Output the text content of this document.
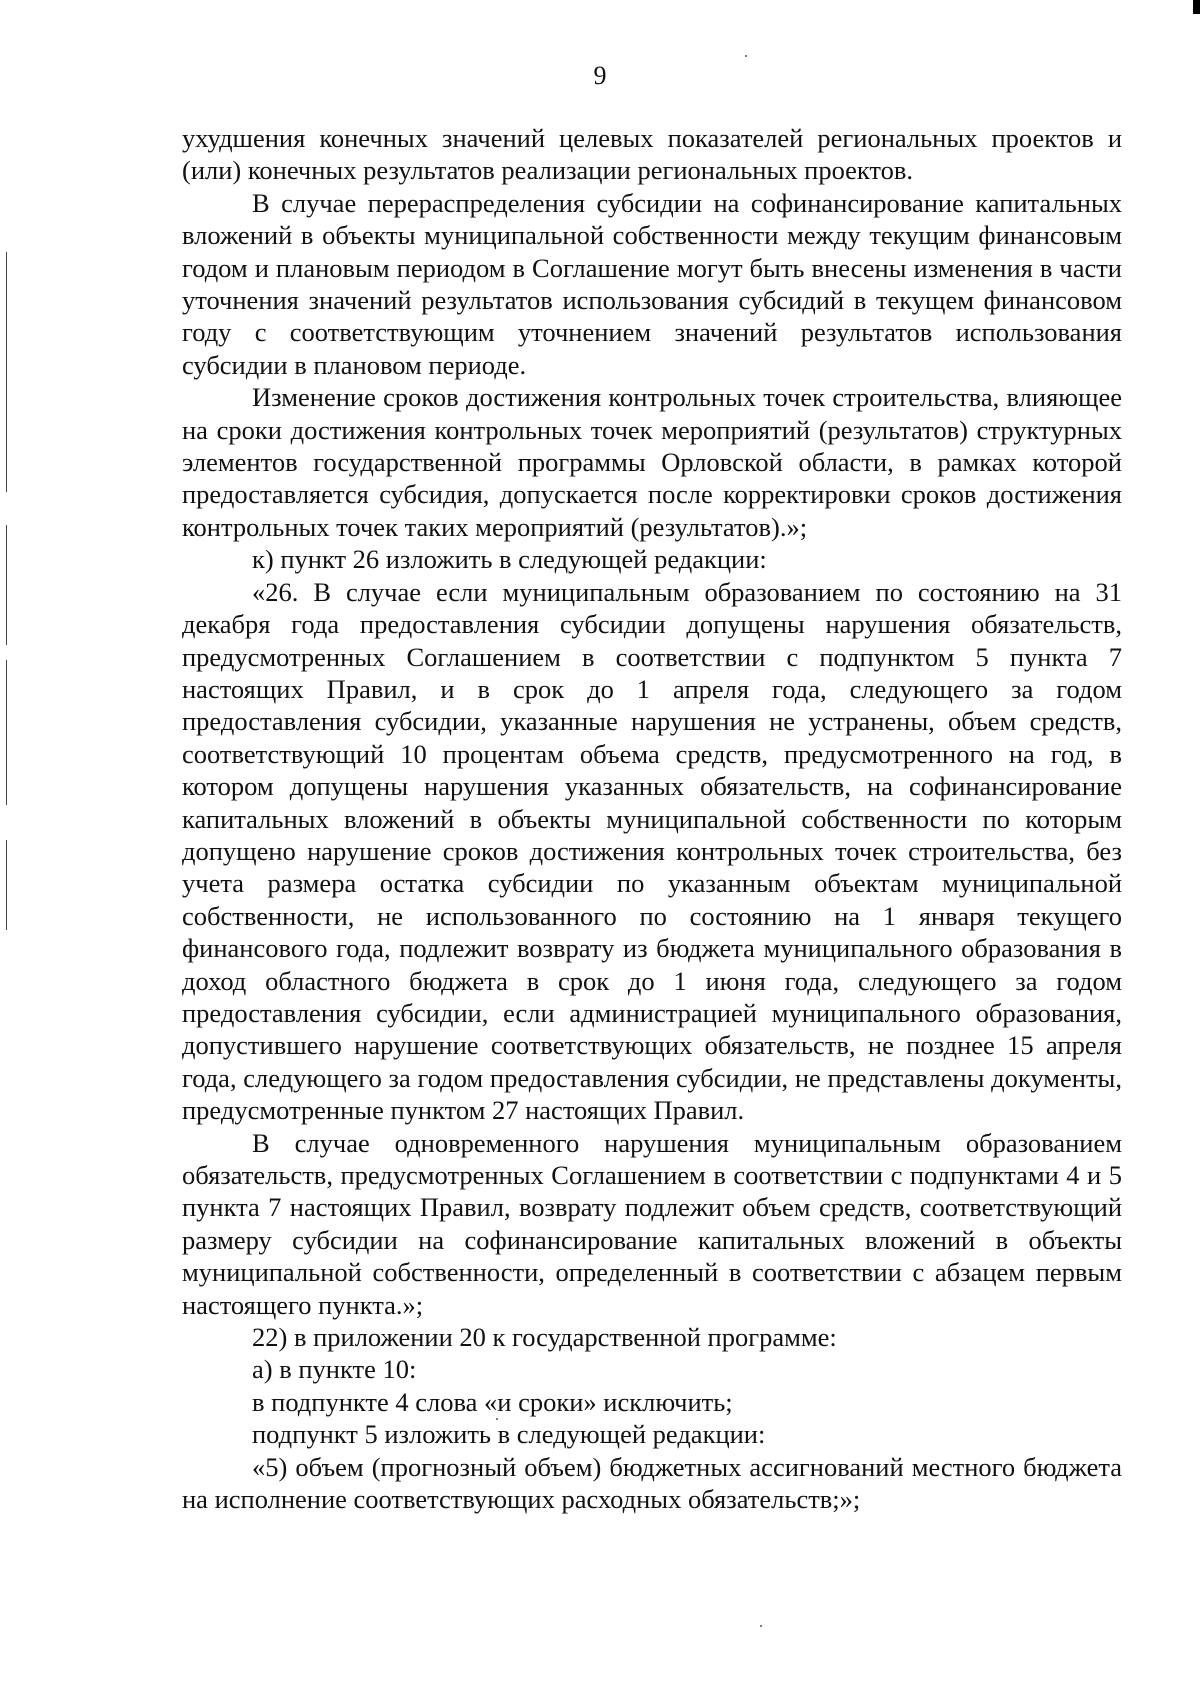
9

ухудшения конечных значений целевых показателей региональных проектов и (или) конечных результатов реализации региональных проектов.

В случае перераспределения субсидии на софинансирование капитальных вложений в объекты муниципальной собственности между текущим финансовым годом и плановым периодом в Соглашение могут быть внесены изменения в части уточнения значений результатов использования субсидий в текущем финансовом году с соответствующим уточнением значений результатов использования субсидии в плановом периоде.

Изменение сроков достижения контрольных точек строительства, влияющее на сроки достижения контрольных точек мероприятий (результатов) структурных элементов государственной программы Орловской области, в рамках которой предоставляется субсидия, допускается после корректировки сроков достижения контрольных точек таких мероприятий (результатов).»;

к) пункт 26 изложить в следующей редакции:

«26. В случае если муниципальным образованием по состоянию на 31 декабря года предоставления субсидии допущены нарушения обязательств, предусмотренных Соглашением в соответствии с подпунктом 5 пункта 7 настоящих Правил, и в срок до 1 апреля года, следующего за годом предоставления субсидии, указанные нарушения не устранены, объем средств, соответствующий 10 процентам объема средств, предусмотренного на год, в котором допущены нарушения указанных обязательств, на софинансирование капитальных вложений в объекты муниципальной собственности по которым допущено нарушение сроков достижения контрольных точек строительства, без учета размера остатка субсидии по указанным объектам муниципальной собственности, не использованного по состоянию на 1 января текущего финансового года, подлежит возврату из бюджета муниципального образования в доход областного бюджета в срок до 1 июня года, следующего за годом предоставления субсидии, если администрацией муниципального образования, допустившего нарушение соответствующих обязательств, не позднее 15 апреля года, следующего за годом предоставления субсидии, не представлены документы, предусмотренные пунктом 27 настоящих Правил.

В случае одновременного нарушения муниципальным образованием обязательств, предусмотренных Соглашением в соответствии с подпунктами 4 и 5 пункта 7 настоящих Правил, возврату подлежит объем средств, соответствующий размеру субсидии на софинансирование капитальных вложений в объекты муниципальной собственности, определенный в соответствии с абзацем первым настоящего пункта.»;

22) в приложении 20 к государственной программе:

а) в пункте 10:

в подпункте 4 слова «и сроки» исключить;

подпункт 5 изложить в следующей редакции:

«5) объем (прогнозный объем) бюджетных ассигнований местного бюджета на исполнение соответствующих расходных обязательств;»;
